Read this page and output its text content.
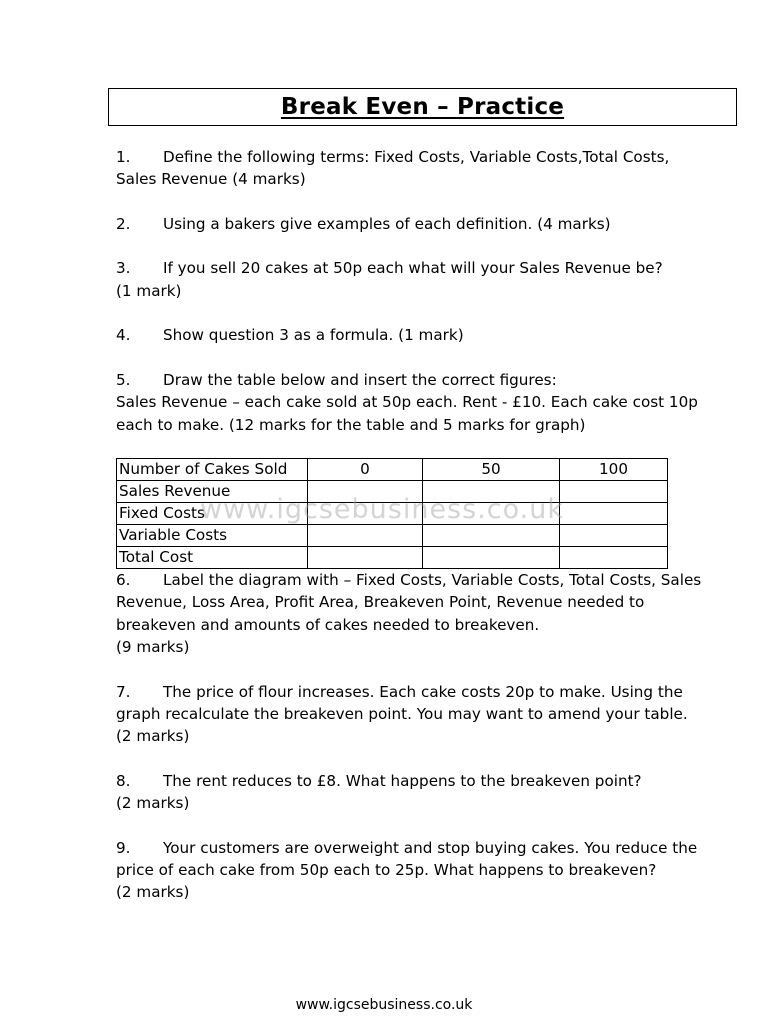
Break Even – Practice

1. Define the following terms: Fixed Costs, Variable Costs,Total Costs,
Sales Revenue (4 marks)

2. Using a bakers give examples of each definition. (4 marks)

3. If you sell 20 cakes at 50p each what will your Sales Revenue be?
(1 mark)

4. Show question 3 as a formula. (1 mark)

5. Draw the table below and insert the correct figures:
Sales Revenue – each cake sold at 50p each. Rent - £10. Each cake cost 10p
each to make. (12 marks for the table and 5 marks for graph)

Number of Cakes Sold	0	50	100
Sales Revenue			
Fixed Costs			
Variable Costs			
Total Cost			

6. Label the diagram with – Fixed Costs, Variable Costs, Total Costs, Sales
Revenue, Loss Area, Profit Area, Breakeven Point, Revenue needed to
breakeven and amounts of cakes needed to breakeven.
(9 marks)

7. The price of flour increases. Each cake costs 20p to make. Using the
graph recalculate the breakeven point. You may want to amend your table.
(2 marks)

8. The rent reduces to £8. What happens to the breakeven point?
(2 marks)

9. Your customers are overweight and stop buying cakes. You reduce the
price of each cake from 50p each to 25p. What happens to breakeven?
(2 marks)

www.igcsebusiness.co.uk
www.igcsebusiness.co.uk
